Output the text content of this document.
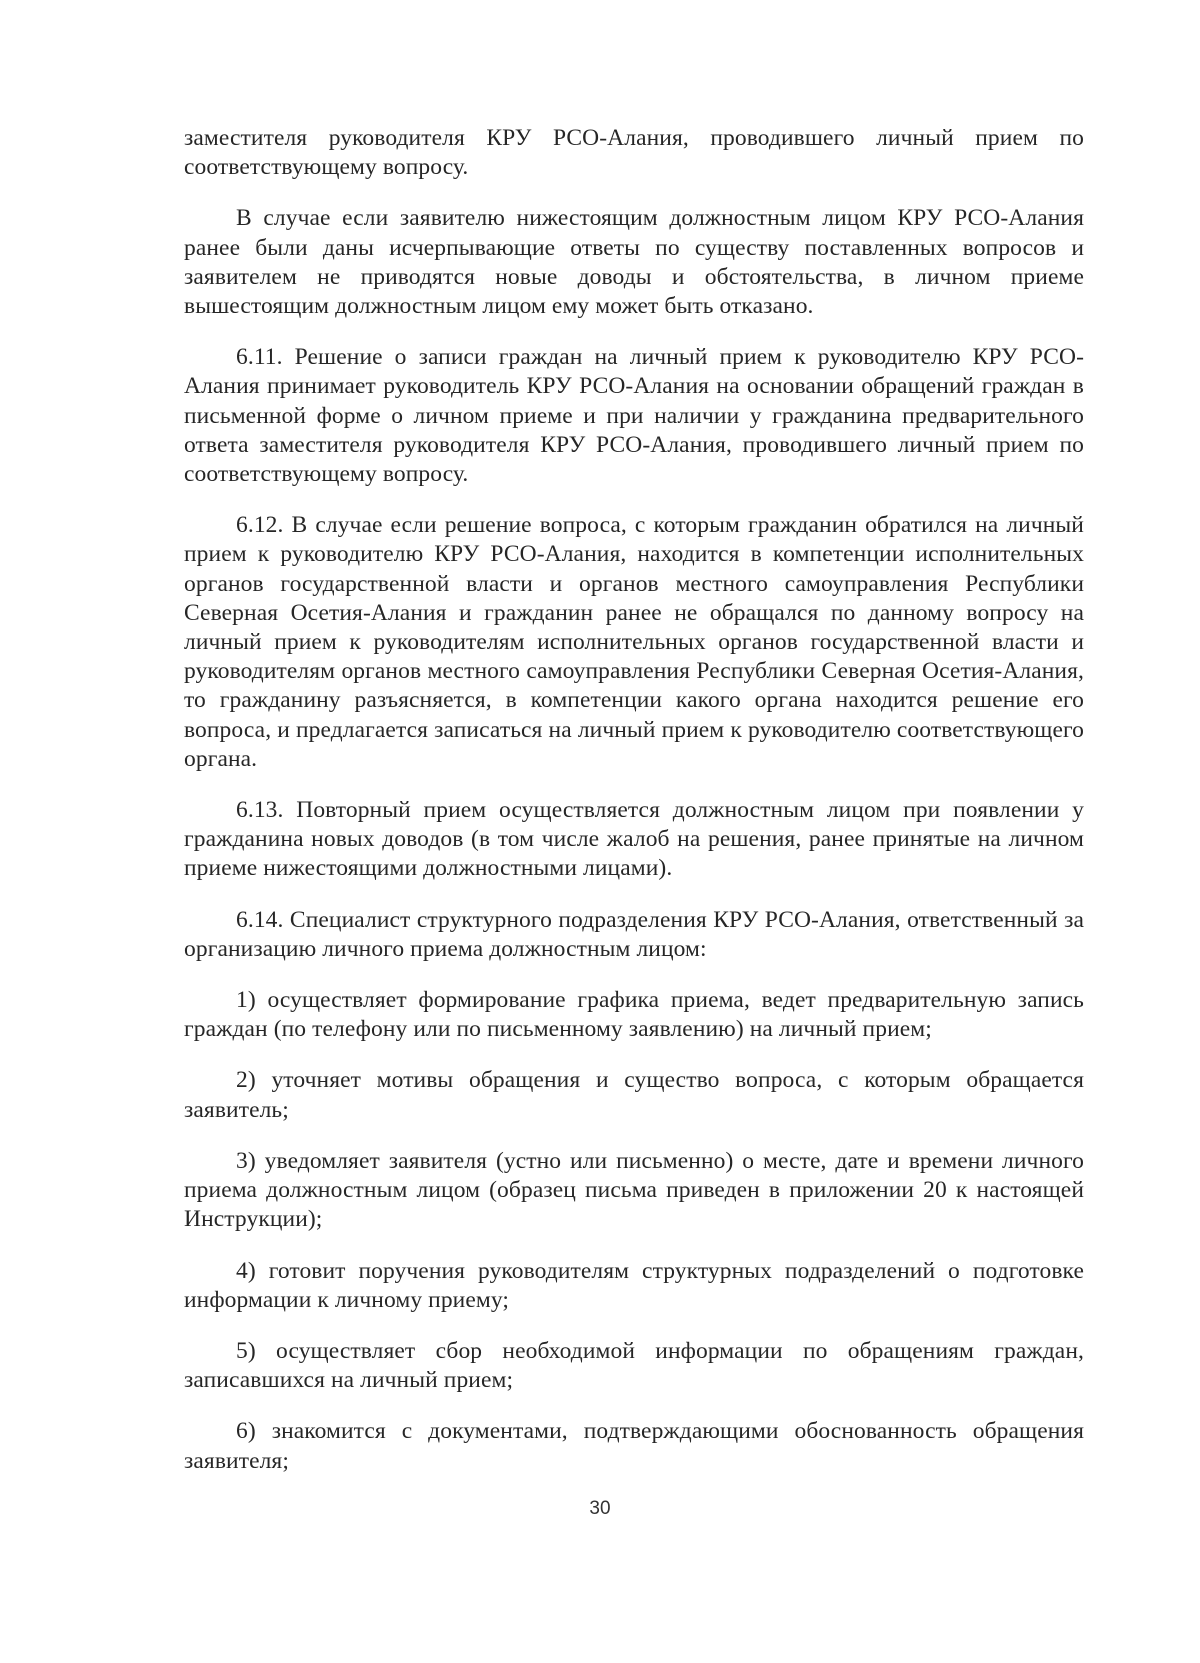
заместителя руководителя КРУ РСО-Алания, проводившего личный прием по соответствующему вопросу.

В случае если заявителю нижестоящим должностным лицом КРУ РСО-Алания ранее были даны исчерпывающие ответы по существу поставленных вопросов и заявителем не приводятся новые доводы и обстоятельства, в личном приеме вышестоящим должностным лицом ему может быть отказано.

6.11. Решение о записи граждан на личный прием к руководителю КРУ РСО-Алания принимает руководитель КРУ РСО-Алания на основании обращений граждан в письменной форме о личном приеме и при наличии у гражданина предварительного ответа заместителя руководителя КРУ РСО-Алания, проводившего личный прием по соответствующему вопросу.

6.12. В случае если решение вопроса, с которым гражданин обратился на личный прием к руководителю КРУ РСО-Алания, находится в компетенции исполнительных органов государственной власти и органов местного самоуправления Республики Северная Осетия-Алания и гражданин ранее не обращался по данному вопросу на личный прием к руководителям исполнительных органов государственной власти и руководителям органов местного самоуправления Республики Северная Осетия-Алания, то гражданину разъясняется, в компетенции какого органа находится решение его вопроса, и предлагается записаться на личный прием к руководителю соответствующего органа.

6.13. Повторный прием осуществляется должностным лицом при появлении у гражданина новых доводов (в том числе жалоб на решения, ранее принятые на личном приеме нижестоящими должностными лицами).

6.14. Специалист структурного подразделения КРУ РСО-Алания, ответственный за организацию личного приема должностным лицом:

1) осуществляет формирование графика приема, ведет предварительную запись граждан (по телефону или по письменному заявлению) на личный прием;

2) уточняет мотивы обращения и существо вопроса, с которым обращается заявитель;

3) уведомляет заявителя (устно или письменно) о месте, дате и времени личного приема должностным лицом (образец письма приведен в приложении 20 к настоящей Инструкции);

4) готовит поручения руководителям структурных подразделений о подготовке информации к личному приему;

5) осуществляет сбор необходимой информации по обращениям граждан, записавшихся на личный прием;

6) знакомится с документами, подтверждающими обоснованность обращения заявителя;

30
